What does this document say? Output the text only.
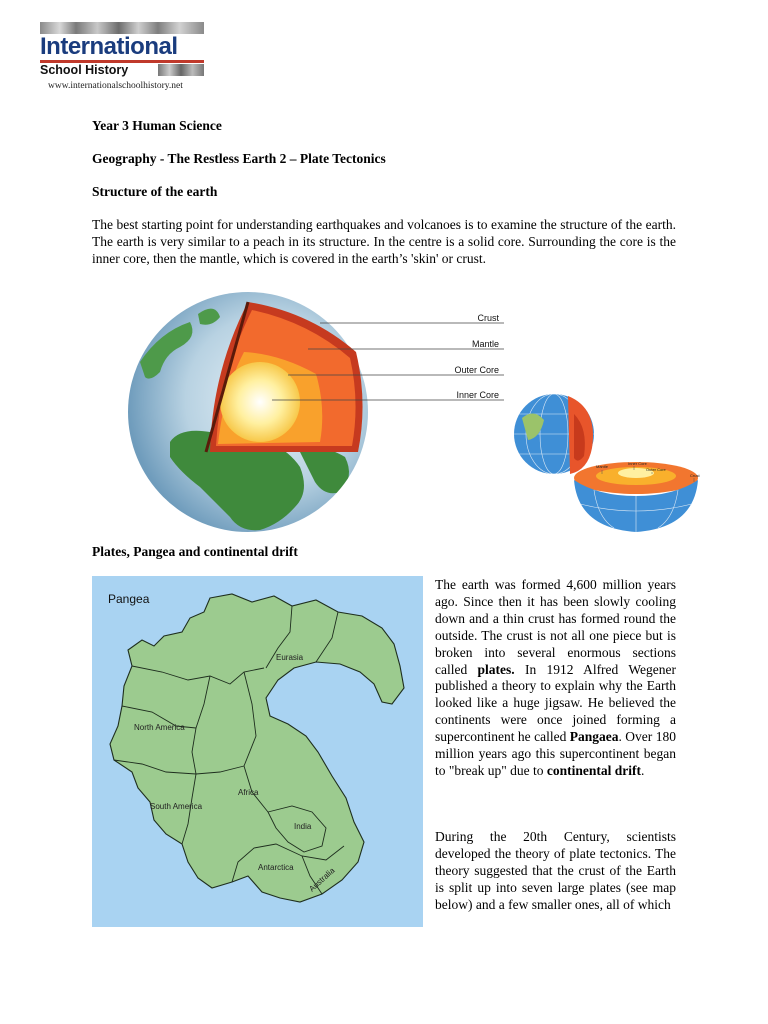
International
School History
www.internationalschoolhistory.net
Year 3 Human Science
Geography - The Restless Earth 2 – Plate Tectonics
Structure of the earth

The best starting point for understanding earthquakes and volcanoes is to examine the structure of the earth. The earth is very similar to a peach in its structure. In the centre is a solid core. Surrounding the core is the inner core, then the mantle, which is covered in the earth’s 'skin' or crust.

Crust
Mantle
Outer Core
Inner Core
Mantle
Inner Core
Outer Core
Crust
Plates, Pangea and continental drift
Pangea
Eurasia
North America
Africa
South America
India
Antarctica Australia

The earth was formed 4,600 million years ago. Since then it has been slowly cooling down and a thin crust has formed round the outside. The crust is not all one piece but is broken into several enormous sections called plates. In 1912 Alfred Wegener published a theory to explain why the Earth looked like a huge jigsaw. He believed the continents were once joined forming a supercontinent he called Pangaea. Over 180 million years ago this supercontinent began to "break up" due to continental drift.

During the 20th Century, scientists developed the theory of plate tectonics. The theory suggested that the crust of the Earth is split up into seven large plates (see map below) and a few smaller ones, all of which
